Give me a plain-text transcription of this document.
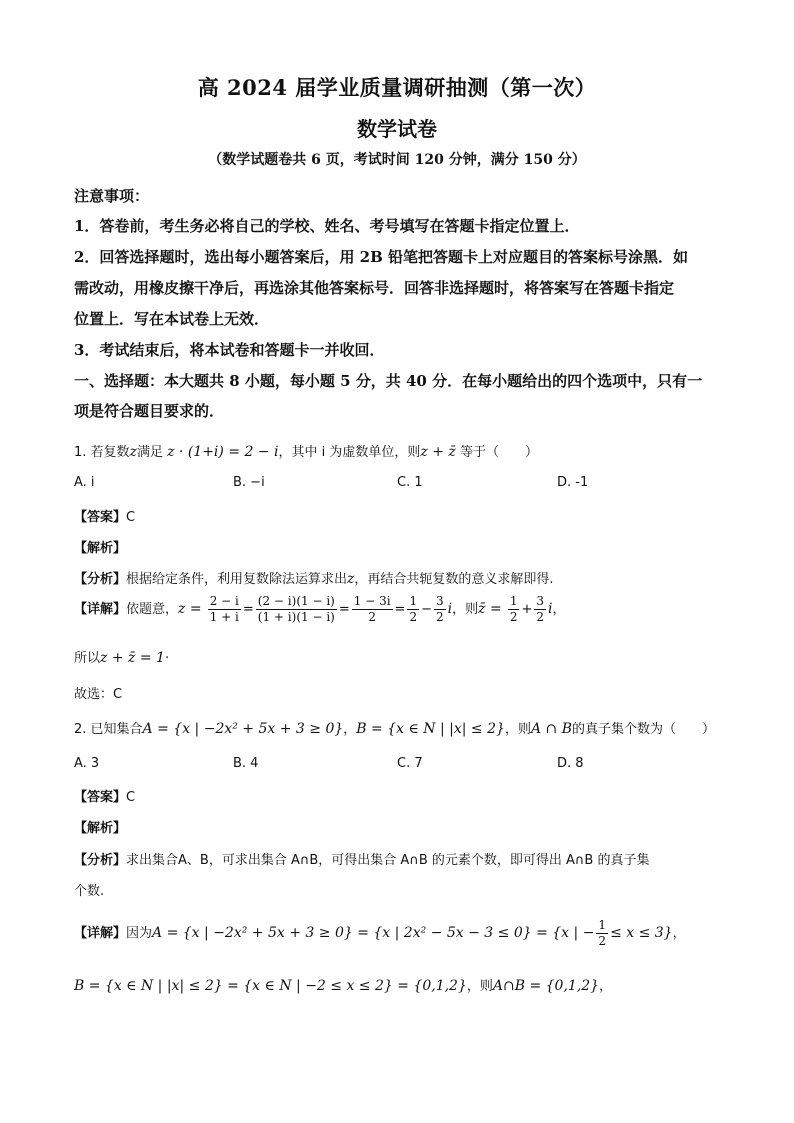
高 2024 届学业质量调研抽测（第一次）
数学试卷
（数学试题卷共 6 页，考试时间 120 分钟，满分 150 分）
注意事项：
1．答卷前，考生务必将自己的学校、姓名、考号填写在答题卡指定位置上．
2．回答选择题时，选出每小题答案后，用 2B 铅笔把答题卡上对应题目的答案标号涂黑．如
需改动，用橡皮擦干净后，再选涂其他答案标号．回答非选择题时，将答案写在答题卡指定
位置上．写在本试卷上无效．
3．考试结束后，将本试卷和答题卡一并收回．
一、选择题：本大题共 8 小题，每小题 5 分，共 40 分．在每小题给出的四个选项中，只有一
项是符合题目要求的．
1. 若复数z满足 z · (1+i) = 2 − i，其中 i 为虚数单位，则z + z̄ 等于（　　）
A. i	B. −i	C. 1	D. -1
【答案】C
【解析】
【分析】根据给定条件，利用复数除法运算求出z，再结合共轭复数的意义求解即得.
【详解】依题意，$z = \frac{2 - i}{1 + i} = \frac{(2 - i)(1 - i)}{(1 + i)(1 - i)} = \frac{1 - 3i}{2} = \frac{1}{2} - \frac{3}{2}$ i，则z̄ = $\frac{1}{2} + \frac{3}{2}$ i，
所以z + z̄ = 1·
故选：C
2. 已知集合A = {x | −2x² + 5x + 3 ≥ 0}，B = {x ∈ N | |x| ≤ 2}，则A ∩ B的真子集个数为（　　）
A. 3	B. 4	C. 7	D. 8
【答案】C
【解析】
【分析】求出集合A、B，可求出集合 A∩B，可得出集合 A∩B 的元素个数，即可得出 A∩B 的真子集
个数.
【详解】因为A = {x | −2x² + 5x + 3 ≥ 0} = {x | 2x² − 5x − 3 ≤ 0} = {x | − $\frac{1}{2} \le x \le 3$}，
B = {x ∈ N | |x| ≤ 2} = {x ∈ N | −2 ≤ x ≤ 2} = {0,1,2}，则A∩B = {0,1,2}，
